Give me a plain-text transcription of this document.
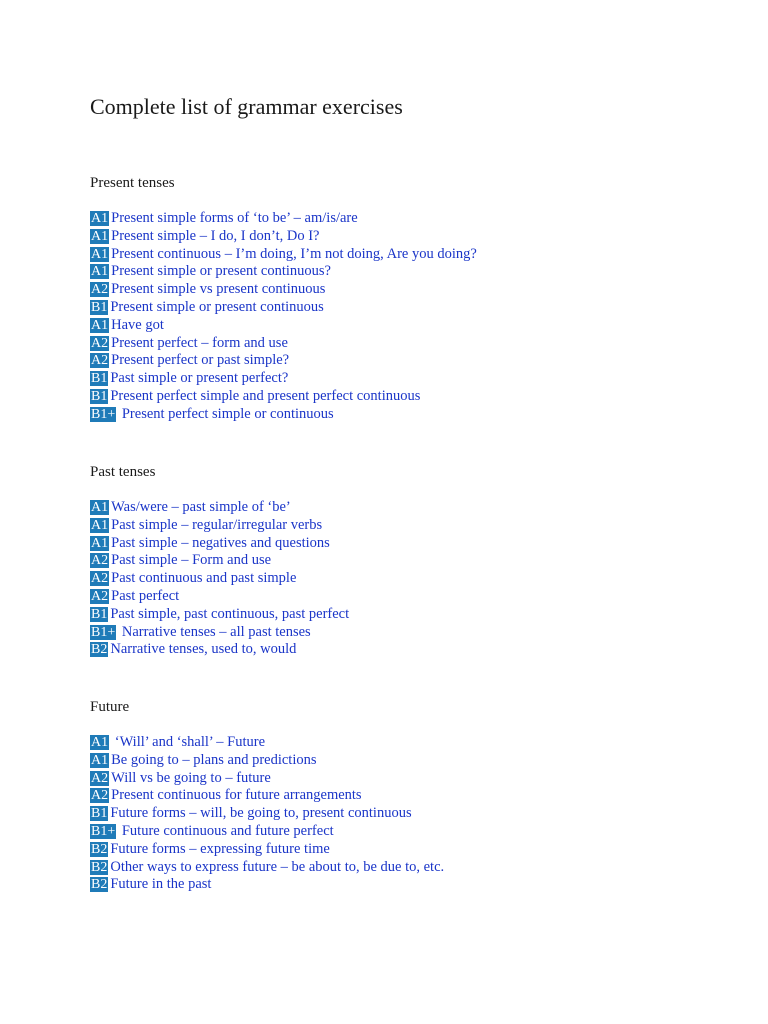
Complete list of grammar exercises
Present tenses
A1 Present simple forms of ‘to be’ – am/is/are
A1 Present simple – I do, I don’t, Do I?
A1 Present continuous – I’m doing, I’m not doing, Are you doing?
A1 Present simple or present continuous?
A2 Present simple vs present continuous
B1 Present simple or present continuous
A1 Have got
A2 Present perfect – form and use
A2 Present perfect or past simple?
B1 Past simple or present perfect?
B1 Present perfect simple and present perfect continuous
B1+ Present perfect simple or continuous
Past tenses
A1 Was/were – past simple of ‘be’
A1 Past simple – regular/irregular verbs
A1 Past simple – negatives and questions
A2 Past simple – Form and use
A2 Past continuous and past simple
A2 Past perfect
B1 Past simple, past continuous, past perfect
B1+ Narrative tenses – all past tenses
B2 Narrative tenses, used to, would
Future
A1 ‘Will’ and ‘shall’ – Future
A1 Be going to – plans and predictions
A2 Will vs be going to – future
A2 Present continuous for future arrangements
B1 Future forms – will, be going to, present continuous
B1+ Future continuous and future perfect
B2 Future forms – expressing future time
B2 Other ways to express future – be about to, be due to, etc.
B2 Future in the past
